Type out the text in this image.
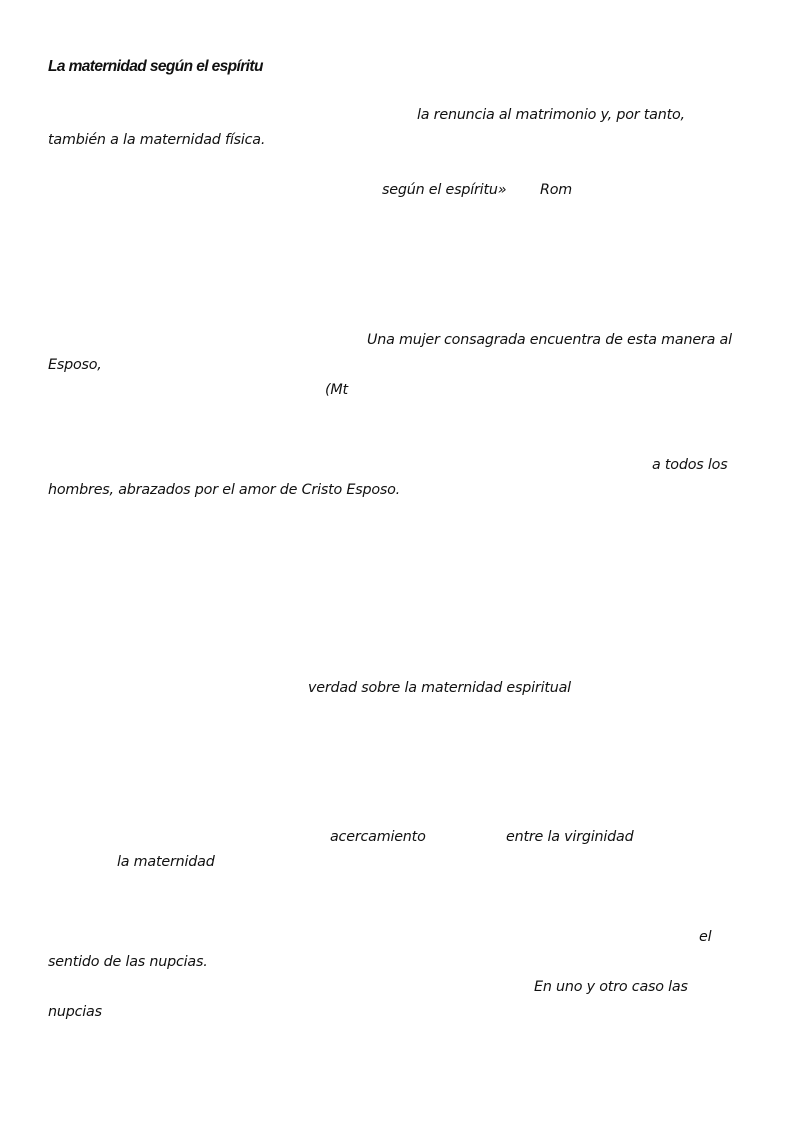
La maternidad según el espíritu
la renuncia al matrimonio y, por tanto,
también a la maternidad física.
según el espíritu» Rom
Una mujer consagrada encuentra de esta manera al
Esposo,
(Mt
a todos los
hombres, abrazados por el amor de Cristo Esposo.
verdad sobre la maternidad espiritual
acercamiento	entre la virginidad
la maternidad
el
sentido de las nupcias.
En uno y otro caso las
nupcias
